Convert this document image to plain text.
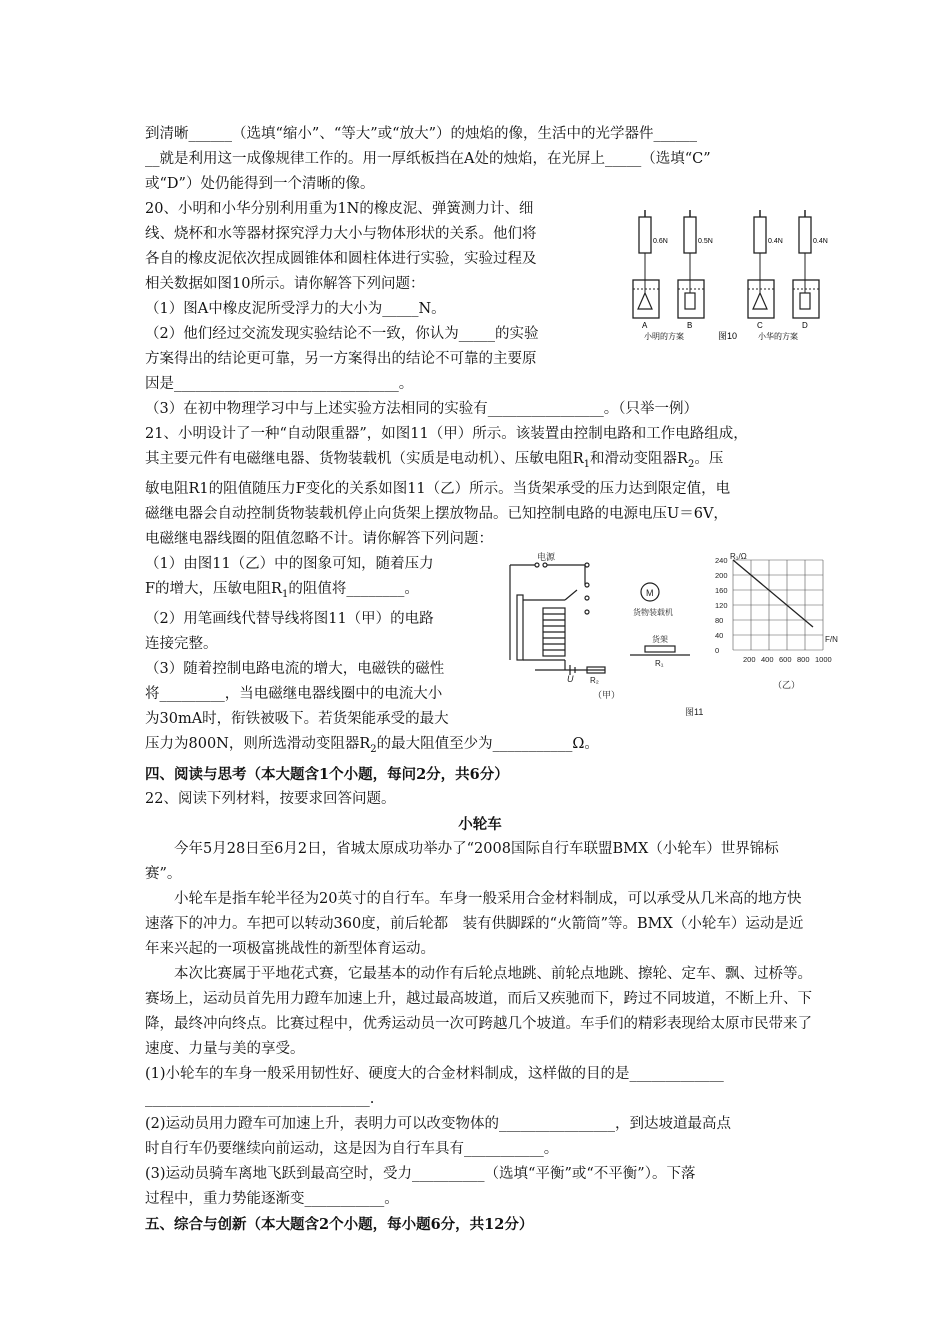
到清晰______（选填“缩小”、“等大”或“放大”）的烛焰的像，生活中的光学器件______

__就是利用这一成像规律工作的。用一厚纸板挡在A处的烛焰，在光屏上_____（选填“C”

或“D”）处仍能得到一个清晰的像。

20、小明和小华分别利用重为1N的橡皮泥、弹簧测力计、细

线、烧杯和水等器材探究浮力大小与物体形状的关系。他们将

各自的橡皮泥依次捏成圆锥体和圆柱体进行实验，实验过程及

相关数据如图10所示。请你解答下列问题：

（1）图A中橡皮泥所受浮力的大小为_____N。

（2）他们经过交流发现实验结论不一致，你认为_____的实验

方案得出的结论更可靠，另一方案得出的结论不可靠的主要原

因是_______________________________。

（3）在初中物理学习中与上述实验方法相同的实验有________________。（只举一例）

21、小明设计了一种“自动限重器”，如图11（甲）所示。该装置由控制电路和工作电路组成，

其主要元件有电磁继电器、货物装载机（实质是电动机）、压敏电阻$R_1$和滑动变阻器$R_2$。压

敏电阻R1的阻值随压力F变化的关系如图11（乙）所示。当货架承受的压力达到限定值，电

磁继电器会自动控制货物装载机停止向货架上摆放物品。已知控制电路的电源电压U＝6V，

电磁继电器线圈的阻值忽略不计。请你解答下列问题：

（1）由图11（乙）中的图象可知，随着压力

F的增大，压敏电阻$R_1$的阻值将________。

（2）用笔画线代替导线将图11（甲）的电路

连接完整。

（3）随着控制电路电流的增大，电磁铁的磁性

将_________，当电磁继电器线圈中的电流大小

为30mA时，衔铁被吸下。若货架能承受的最大

压力为800N，则所选滑动变阻器$R_2$的最大阻值至少为___________Ω。

四、阅读与思考（本大题含1个小题，每问2分，共6分）

22、阅读下列材料，按要求回答问题。

小轮车

今年5月28日至6月2日，省城太原成功举办了“2008国际自行车联盟BMX（小轮车）世界锦标赛”。

小轮车是指车轮半径为20英寸的自行车。车身一般采用合金材料制成，可以承受从几米高的地方快速落下的冲力。车把可以转动360度，前后轮都　装有供脚踩的“火箭筒”等。BMX（小轮车）运动是近年来兴起的一项极富挑战性的新型体育运动。

本次比赛属于平地花式赛，它最基本的动作有后轮点地跳、前轮点地跳、擦轮、定车、飘、过桥等。赛场上，运动员首先用力蹬车加速上升，越过最高坡道，而后又疾驰而下，跨过不同坡道，不断上升、下降，最终冲向终点。比赛过程中，优秀运动员一次可跨越几个坡道。车手们的精彩表现给太原市民带来了速度、力量与美的享受。

(1)小轮车的车身一般采用韧性好、硬度大的合金材料制成，这样做的目的是_____________

_______________________________.

(2)运动员用力蹬车可加速上升，表明力可以改变物体的________________，到达坡道最高点

时自行车仍要继续向前运动，这是因为自行车具有___________。

(3)运动员骑车离地飞跃到最高空时，受力__________（选填“平衡”或“不平衡”）。下落

过程中，重力势能逐渐变___________。

五、综合与创新（本大题含2个小题，每小题6分，共12分）

0.6N
A
0.5N
B
0.4N
C
0.4N
D
小明的方案	图10	小华的方案
M
电源
货物装载机
货架
R₁
R₂
U
（甲）
图11
R₁/Ω
F/N
240
200
160
120
80
40
0
200 400 600 800 1000
（乙）
